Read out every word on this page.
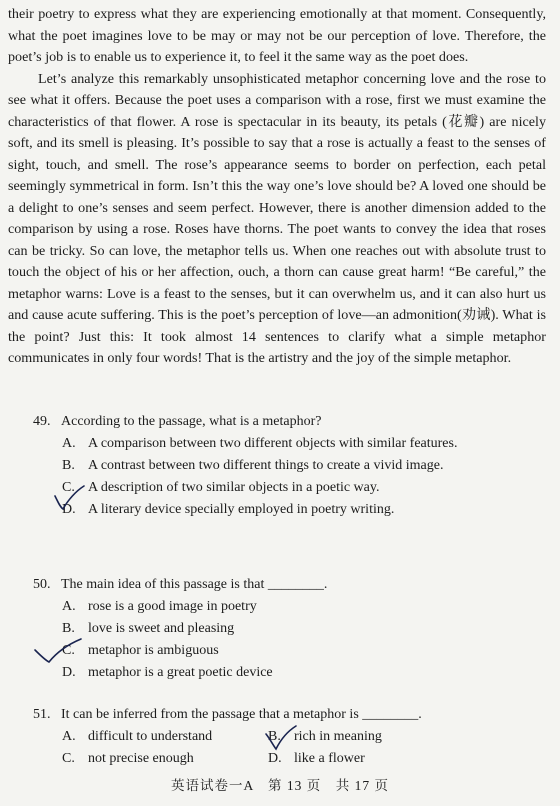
their poetry to express what they are experiencing emotionally at that moment. Consequently, what the poet imagines love to be may or may not be our perception of love. Therefore, the poet’s job is to enable us to experience it, to feel it the same way as the poet does.

Let’s analyze this remarkably unsophisticated metaphor concerning love and the rose to see what it offers. Because the poet uses a comparison with a rose, first we must examine the characteristics of that flower. A rose is spectacular in its beauty, its petals (花瓣) are nicely soft, and its smell is pleasing. It’s possible to say that a rose is actually a feast to the senses of sight, touch, and smell. The rose’s appearance seems to border on perfection, each petal seemingly symmetrical in form. Isn’t this the way one’s love should be? A loved one should be a delight to one’s senses and seem perfect. However, there is another dimension added to the comparison by using a rose. Roses have thorns. The poet wants to convey the idea that roses can be tricky. So can love, the metaphor tells us. When one reaches out with absolute trust to touch the object of his or her affection, ouch, a thorn can cause great harm! “Be careful,” the metaphor warns: Love is a feast to the senses, but it can overwhelm us, and it can also hurt us and cause acute suffering. This is the poet’s perception of love—an admonition(劝诫). What is the point? Just this: It took almost 14 sentences to clarify what a simple metaphor communicates in only four words! That is the artistry and the joy of the simple metaphor.

49. According to the passage, what is a metaphor?
A. A comparison between two different objects with similar features.
B. A contrast between two different things to create a vivid image.
C. A description of two similar objects in a poetic way.
D. A literary device specially employed in poetry writing.
50. The main idea of this passage is that ________.
A. rose is a good image in poetry
B. love is sweet and pleasing
C. metaphor is ambiguous
D. metaphor is a great poetic device
51. It can be inferred from the passage that a metaphor is ________.
A. difficult to understand	B. rich in meaning
C. not precise enough	D. like a flower
英语试卷一A　第 13 页　共 17 页
